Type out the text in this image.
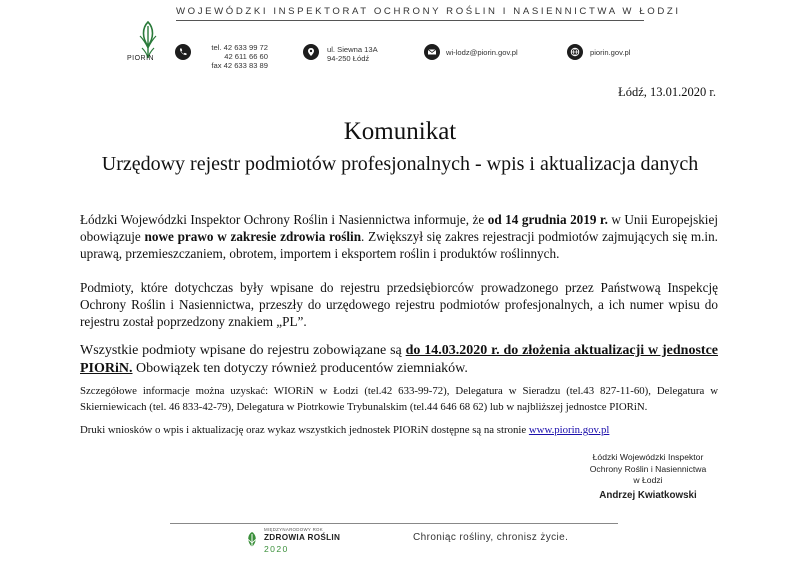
PIORIN
WOJEWÓDZKI INSPEKTORAT OCHRONY ROŚLIN I NASIENNICTWA W ŁODZI
tel. 42 633 99 72
42 611 66 60
fax 42 633 83 89
ul. Siewna 13A
94-250 Łódź
wi-lodz@piorin.gov.pl	piorin.gov.pl
Łódź, 13.01.2020 r.
Komunikat
Urzędowy rejestr podmiotów profesjonalnych - wpis i aktualizacja danych
Łódzki Wojewódzki Inspektor Ochrony Roślin i Nasiennictwa informuje, że od 14 grudnia 2019 r. w Unii Europejskiej obowiązuje nowe prawo w zakresie zdrowia roślin. Zwiększył się zakres rejestracji podmiotów zajmujących się m.in. uprawą, przemieszczaniem, obrotem, importem i eksportem roślin i produktów roślinnych.
Podmioty, które dotychczas były wpisane do rejestru przedsiębiorców prowadzonego przez Państwową Inspekcję Ochrony Roślin i Nasiennictwa, przeszły do urzędowego rejestru podmiotów profesjonalnych, a ich numer wpisu do rejestru został poprzedzony znakiem „PL”.
Wszystkie podmioty wpisane do rejestru zobowiązane są do 14.03.2020 r. do złożenia aktualizacji w jednostce PIORiN. Obowiązek ten dotyczy również producentów ziemniaków.
Szczegółowe informacje można uzyskać: WIORiN w Łodzi (tel.42 633-99-72), Delegatura w Sieradzu (tel.43 827-11-60), Delegatura w Skierniewicach (tel. 46 833-42-79), Delegatura w Piotrkowie Trybunalskim (tel.44 646 68 62) lub w najbliższej jednostce PIORiN.
Druki wniosków o wpis i aktualizację oraz wykaz wszystkich jednostek PIORiN dostępne są na stronie www.piorin.gov.pl
Łódzki Wojewódzki Inspektor
Ochrony Roślin i Nasiennictwa
w Łodzi
Andrzej Kwiatkowski
MIĘDZYNARODOWY ROK
ZDROWIA ROŚLIN
2020
Chroniąc rośliny, chronisz życie.
